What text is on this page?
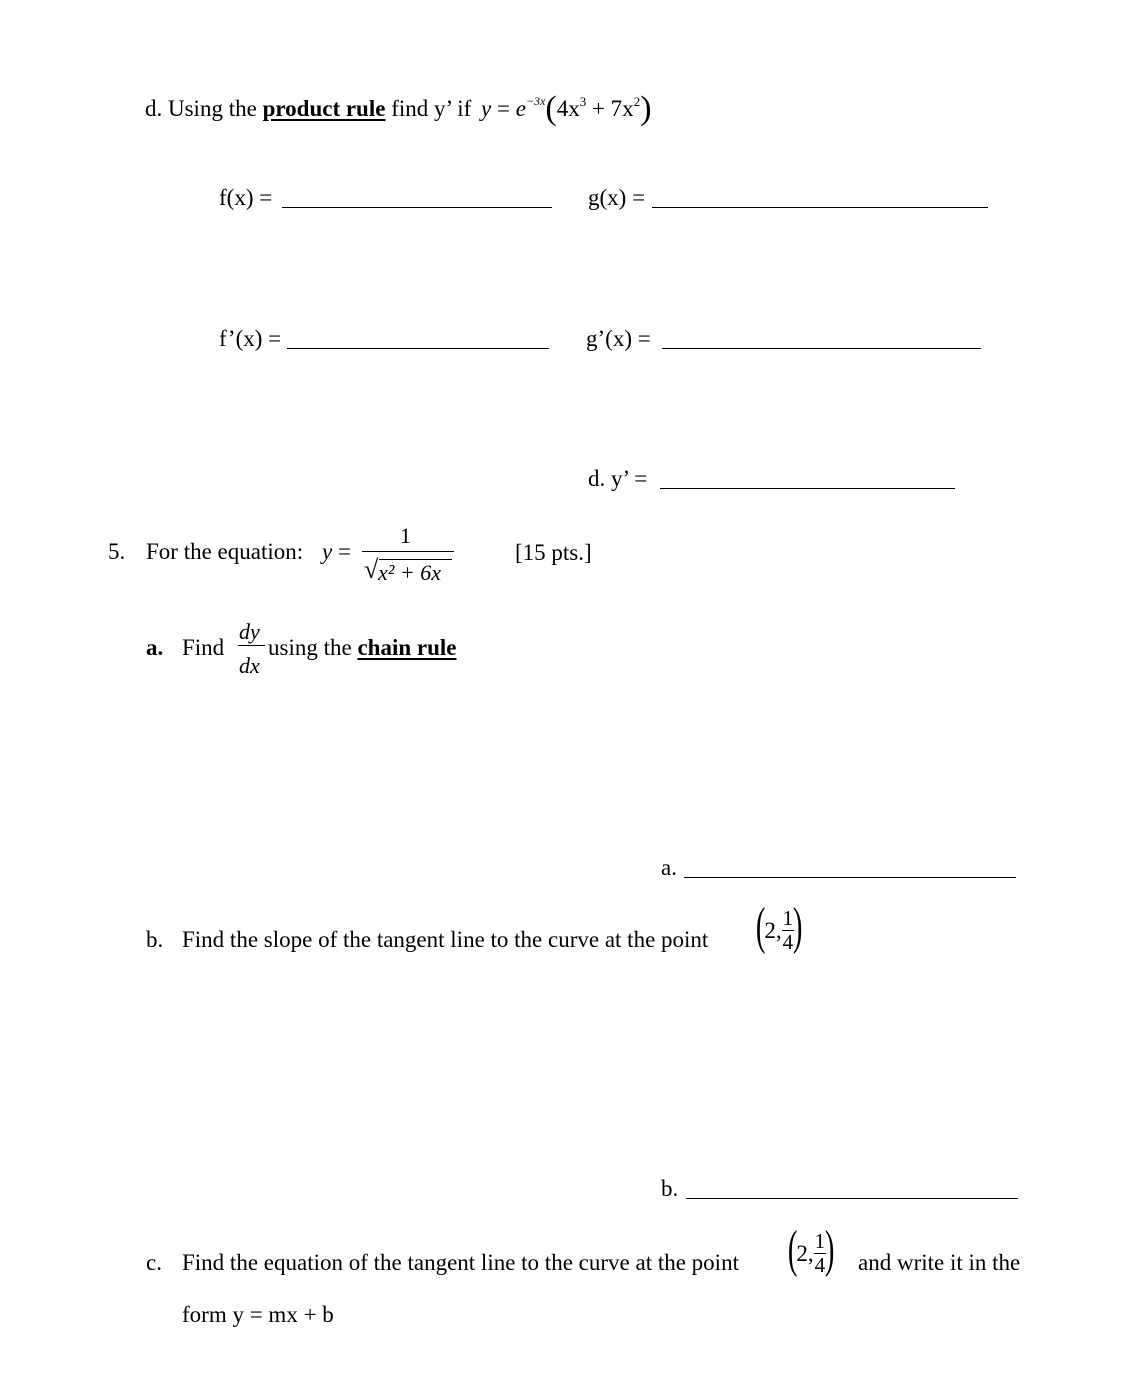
d. Using the product rule find y’ if $y = e^{-3x}(4x^3 + 7x^2)$
f(x) =	g(x) =
f’(x) =	g’(x) =
d. y’ =
5. For the equation: y =
1
√ x² + 6x
[15 pts.]
a. Find
dy
dx
using the chain rule
a.
b. Find the slope of the tangent line to the curve at the point (
2, $\frac{1}{4}$
)
b.
c. Find the equation of the tangent line to the curve at the point (
2, $\frac{1}{4}$
) and write it in the
form y = mx + b
